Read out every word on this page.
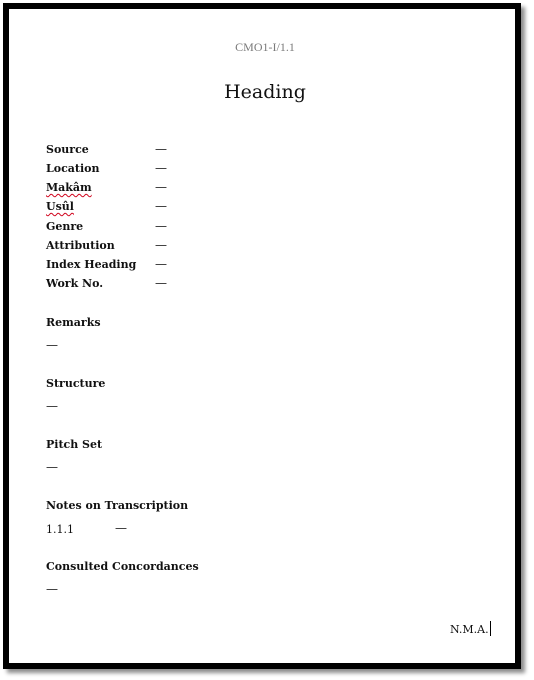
CMO1-I/1.1
Heading
Source	—
Location	—
Makâm	—
Usûl	—
Genre	—
Attribution	—
Index Heading —
Work No.	—
Remarks
—
Structure
—
Pitch Set
—
Notes on Transcription
1.1.1	—
Consulted Concordances
—
N.M.A.
